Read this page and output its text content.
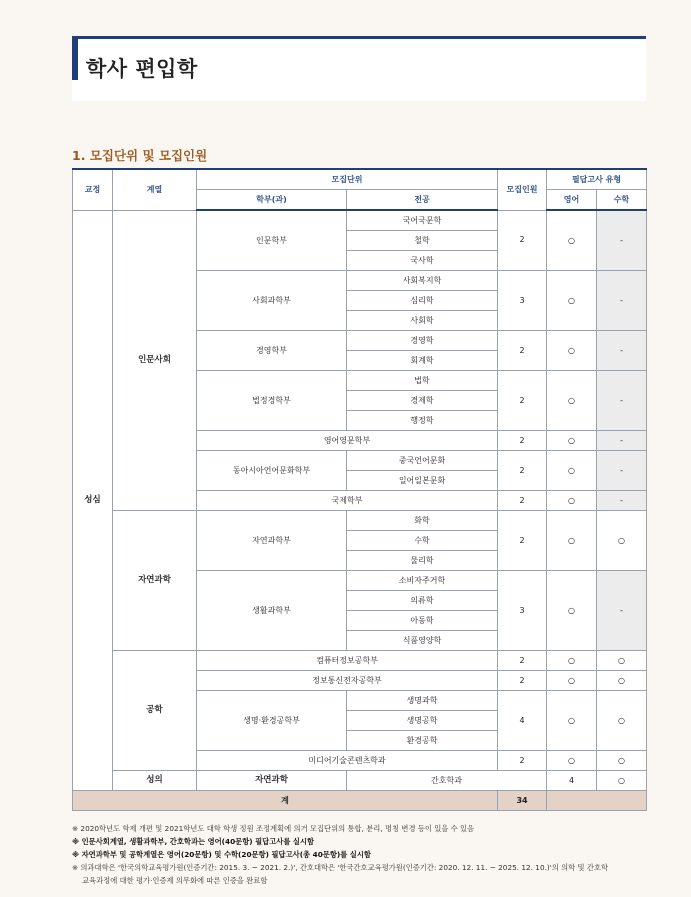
학사 편입학
1. 모집단위 및 모집인원
교정	계열	모집단위		모집인원	필답고사 유형		
		학부(과)	전공		영어	수학	
성심	인문사회	인문학부	국어국문학	2	○	-	
			철학				
			국사학				
		사회과학부	사회복지학	3	○	-	
			심리학				
			사회학				
		경영학부	경영학	2	○	-	
			회계학				
		법정경학부	법학	2	○	-	
			경제학				
			행정학				
		영어영문학부		2	○	-	
		동아시아언어문화학부	중국언어문화	2	○	-	
			일어일본문화				
		국제학부		2	○	-	
	자연과학	자연과학부	화학	2	○	○	
			수학				
			물리학				
		생활과학부	소비자주거학	3	○	-	
			의류학				
			아동학				
			식품영양학				
	공학	컴퓨터정보공학부		2	○	○	
		정보통신전자공학부		2	○	○	
		생명·환경공학부	생명과학	4	○	○	
			생명공학				
			환경공학				
		미디어기술콘텐츠학과		2	○	○	
	성의	자연과학	간호학과		4	○	
계				34			
※ 2020학년도 학제 개편 및 2021학년도 대학 학생 정원 조정계획에 의거 모집단위의 통합, 분리, 명칭 변경 등이 있을 수 있음
※ 인문사회계열, 생활과학부, 간호학과는 영어(40문항) 필답고사를 실시함
※ 자연과학부 및 공학계열은 영어(20문항) 및 수학(20문항) 필답고사(총 40문항)를 실시함
※ 의과대학은 '한국의학교육평가원(인증기간: 2015. 3. ~ 2021. 2.)', 간호대학은 '한국간호교육평가원(인증기간: 2020. 12. 11. ~ 2025. 12. 10.)'의 의학 및 간호학
교육과정에 대한 평가·인증제 의무화에 따른 인증을 완료함
